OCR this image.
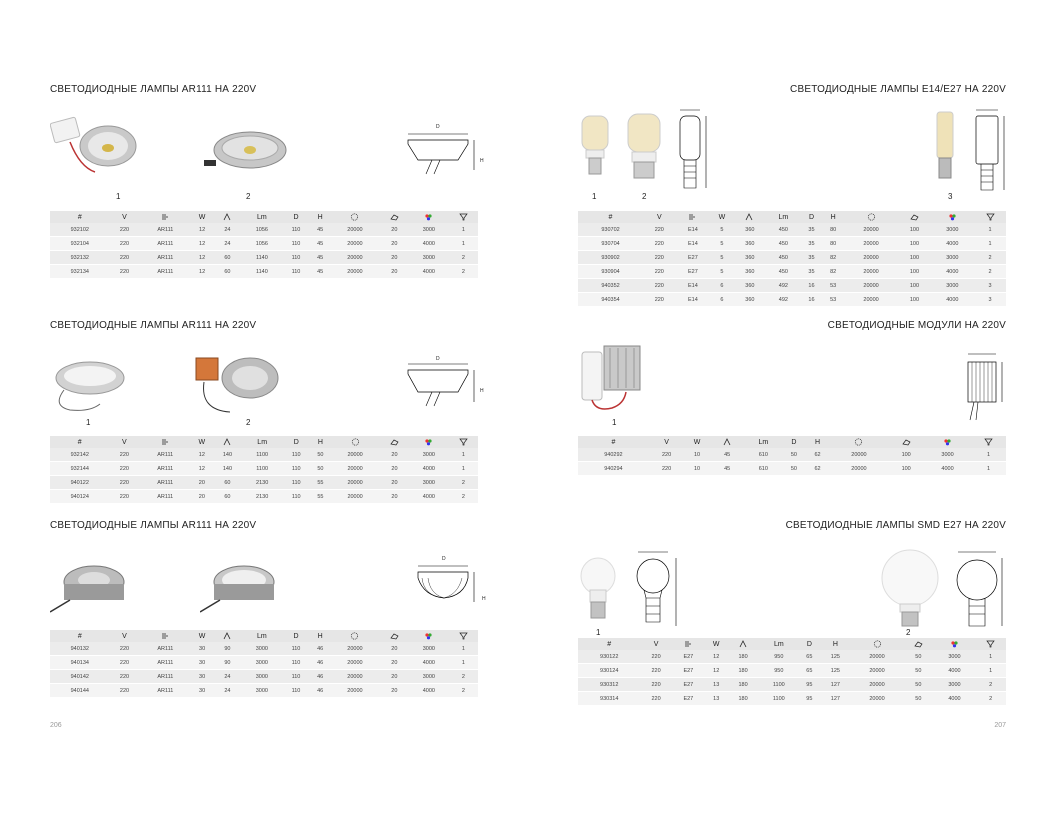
СВЕТОДИОДНЫЕ ЛАМПЫ AR111 НА 220V
D
H
1	2
#	V		W		Lm	D	H				
932102	220	AR111	12	24	1056	110	45	20000	20	3000	1
932104	220	AR111	12	24	1056	110	45	20000	20	4000	1
932132	220	AR111	12	60	1140	110	45	20000	20	3000	2
932134	220	AR111	12	60	1140	110	45	20000	20	4000	2
СВЕТОДИОДНЫЕ ЛАМПЫ AR111 НА 220V
D
H
1	2
#	V		W		Lm	D	H				
932142	220	AR111	12	140	1100	110	50	20000	20	3000	1
932144	220	AR111	12	140	1100	110	50	20000	20	4000	1
940122	220	AR111	20	60	2130	110	55	20000	20	3000	2
940124	220	AR111	20	60	2130	110	55	20000	20	4000	2
СВЕТОДИОДНЫЕ ЛАМПЫ AR111 НА 220V
D
H
#	V		W		Lm	D	H				
940132	220	AR111	30	90	3000	110	46	20000	20	3000	1
940134	220	AR111	30	90	3000	110	46	20000	20	4000	1
940142	220	AR111	30	24	3000	110	46	20000	20	3000	2
940144	220	AR111	30	24	3000	110	46	20000	20	4000	2
206
СВЕТОДИОДНЫЕ ЛАМПЫ E14/E27 НА 220V
1	2	3
#	V		W		Lm	D	H				
930702	220	E14	5	360	450	35	80	20000	100	3000	1
930704	220	E14	5	360	450	35	80	20000	100	4000	1
930902	220	E27	5	360	450	35	82	20000	100	3000	2
930904	220	E27	5	360	450	35	82	20000	100	4000	2
940352	220	E14	6	360	492	16	53	20000	100	3000	3
940354	220	E14	6	360	492	16	53	20000	100	4000	3
СВЕТОДИОДНЫЕ МОДУЛИ НА 220V
1
#	V	W		Lm	D	H				
940292	220	10	45	610	50	62	20000	100	3000	1
940294	220	10	45	610	50	62	20000	100	4000	1
СВЕТОДИОДНЫЕ ЛАМПЫ SMD E27 НА 220V
1	2
#	V		W		Lm	D	H				
930122	220	E27	12	180	950	65	125	20000	50	3000	1
930124	220	E27	12	180	950	65	125	20000	50	4000	1
930312	220	E27	13	180	1100	95	127	20000	50	3000	2
930314	220	E27	13	180	1100	95	127	20000	50	4000	2
207
